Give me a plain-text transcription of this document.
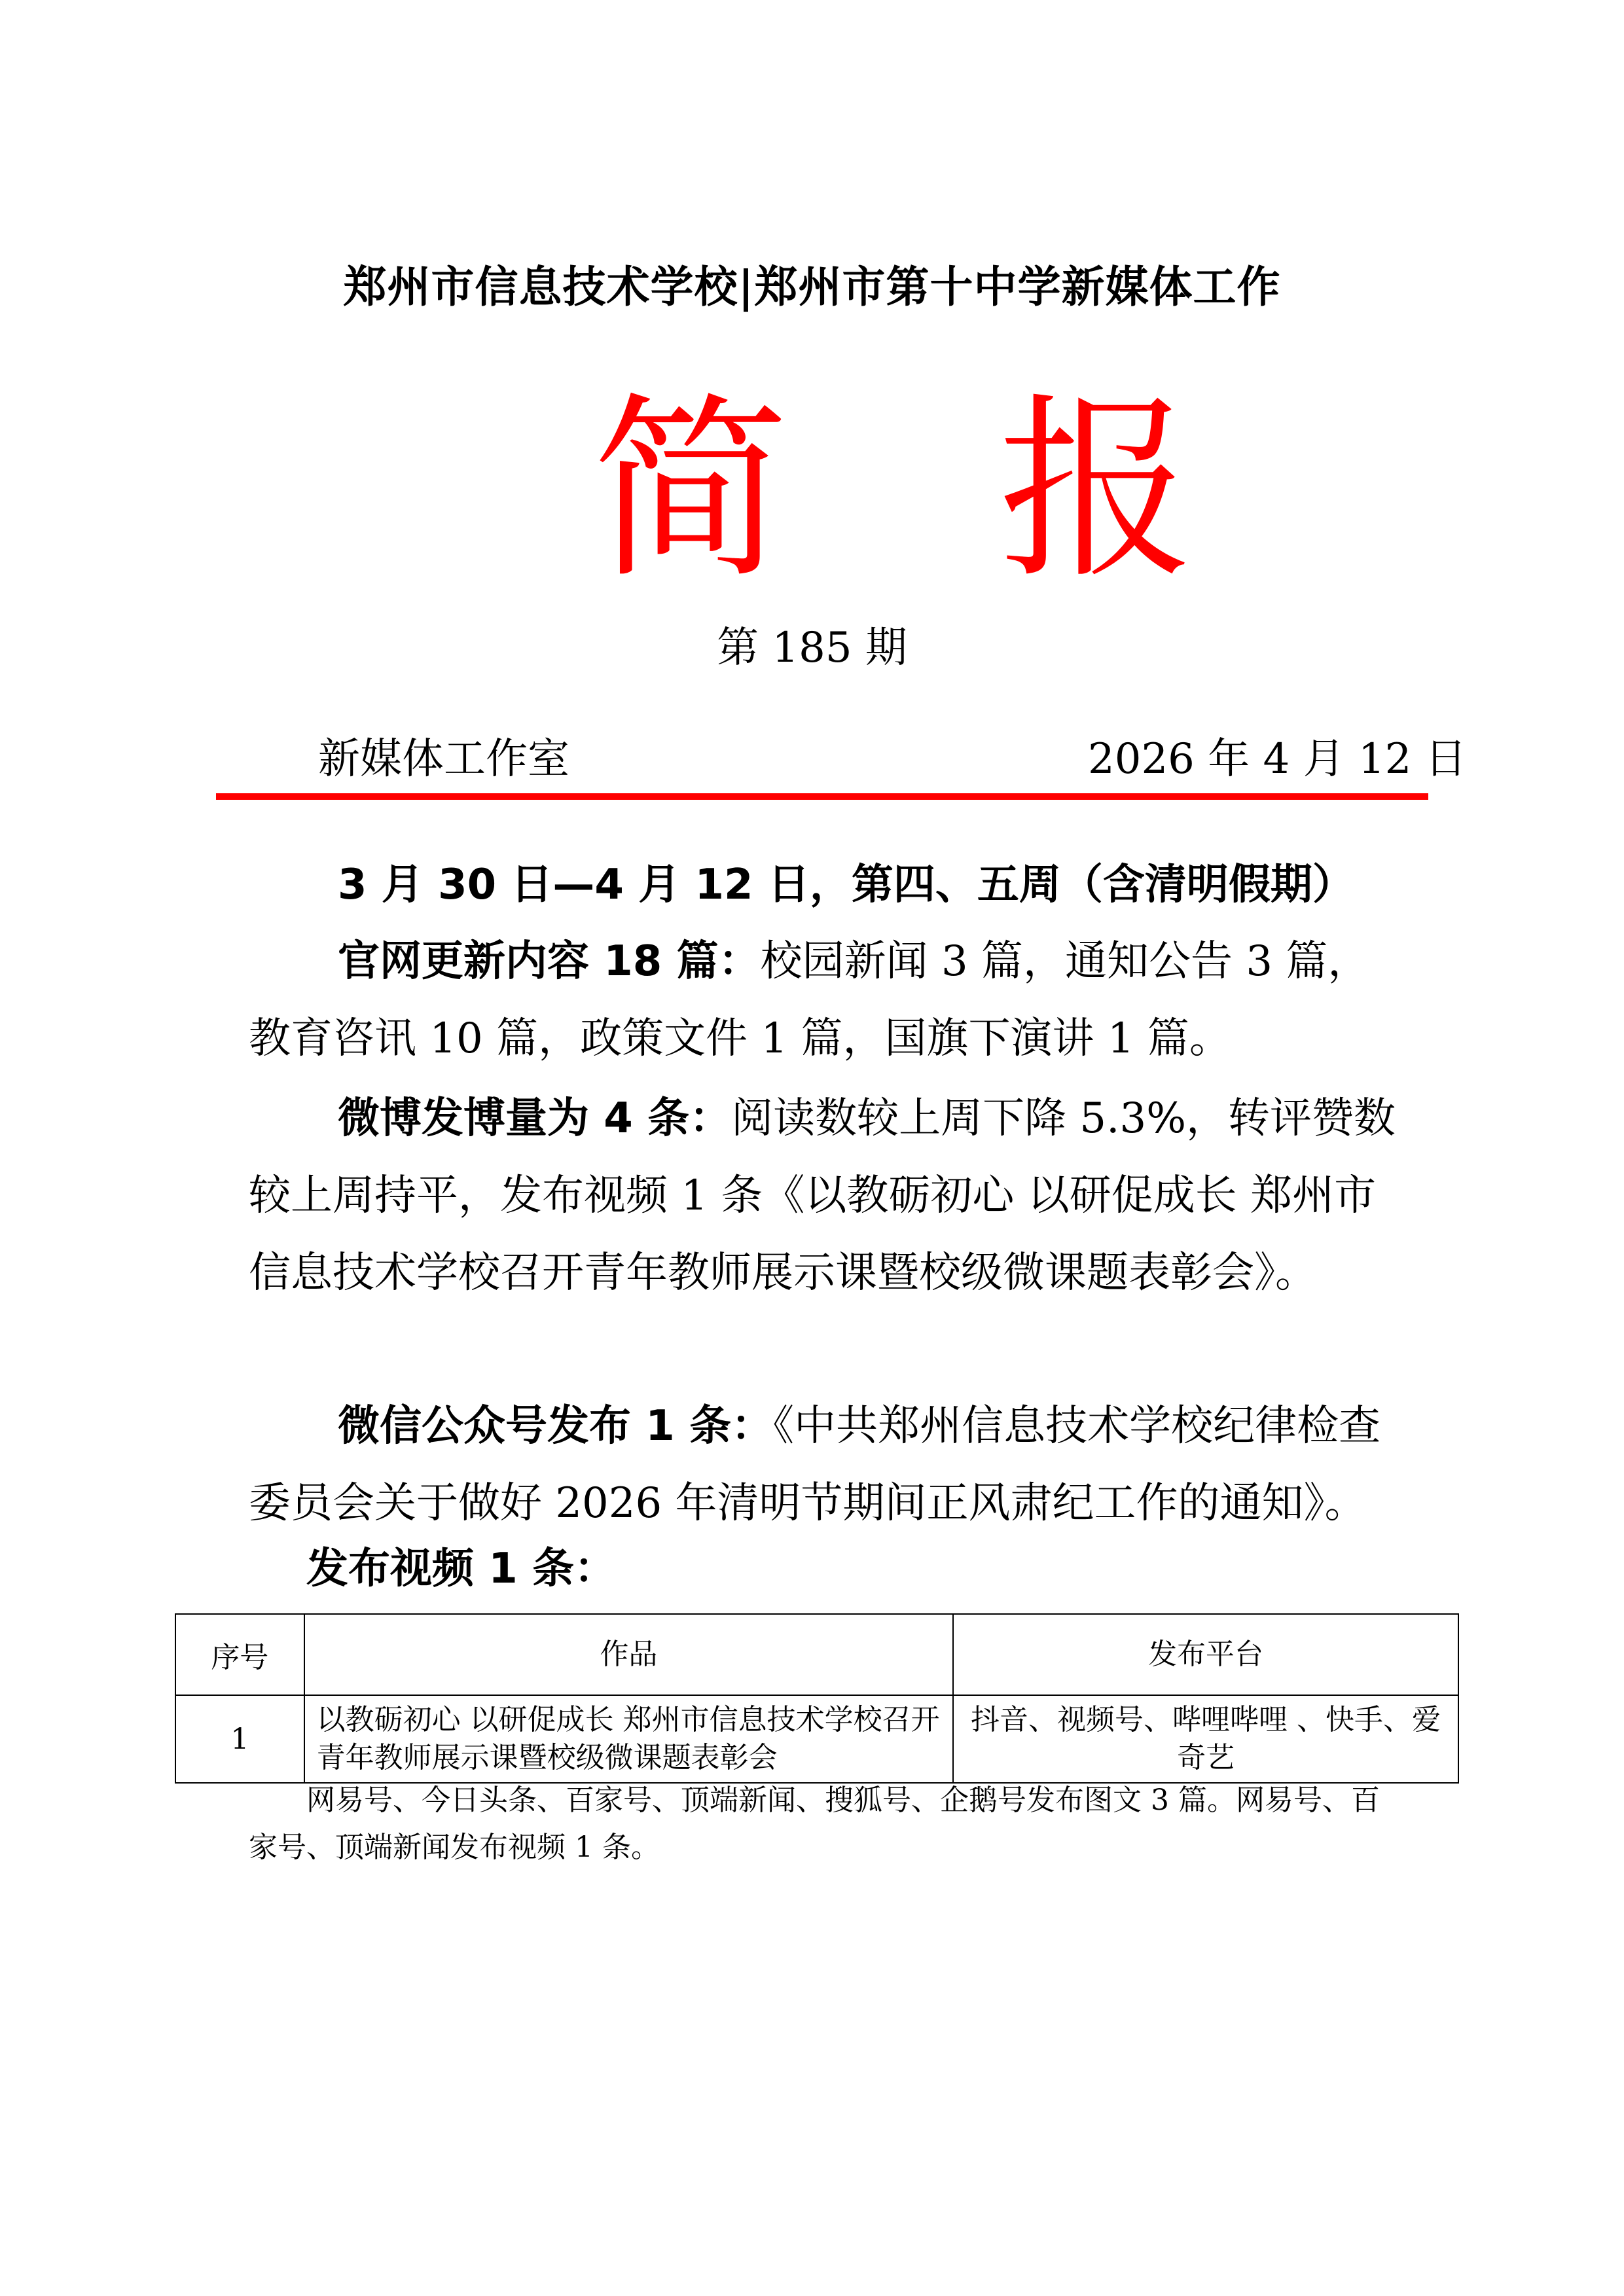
郑州市信息技术学校|郑州市第十中学新媒体工作
简报
第 185 期
新媒体工作室	2026 年 4 月 12 日
3 月 30 日—4 月 12 日，第四、五周（含清明假期）
官网更新内容 18 篇：校园新闻 3 篇，通知公告 3 篇，教育咨讯 10 篇，政策文件 1 篇，国旗下演讲 1 篇。
微博发博量为 4 条：阅读数较上周下降 5.3%，转评赞数较上周持平，发布视频 1 条《以教砺初心 以研促成长 郑州市信息技术学校召开青年教师展示课暨校级微课题表彰会》。
微信公众号发布 1 条：《中共郑州信息技术学校纪律检查委员会关于做好 2026 年清明节期间正风肃纪工作的通知》。
发布视频 1 条：
序号	作品	发布平台
1	以教砺初心 以研促成长 郑州市信息技术学校召开青年教师展示课暨校级微课题表彰会	抖音、视频号、哔哩哔哩 、快手、爱奇艺
网易号、今日头条、百家号、顶端新闻、搜狐号、企鹅号发布图文 3 篇。网易号、百家号、顶端新闻发布视频 1 条。
